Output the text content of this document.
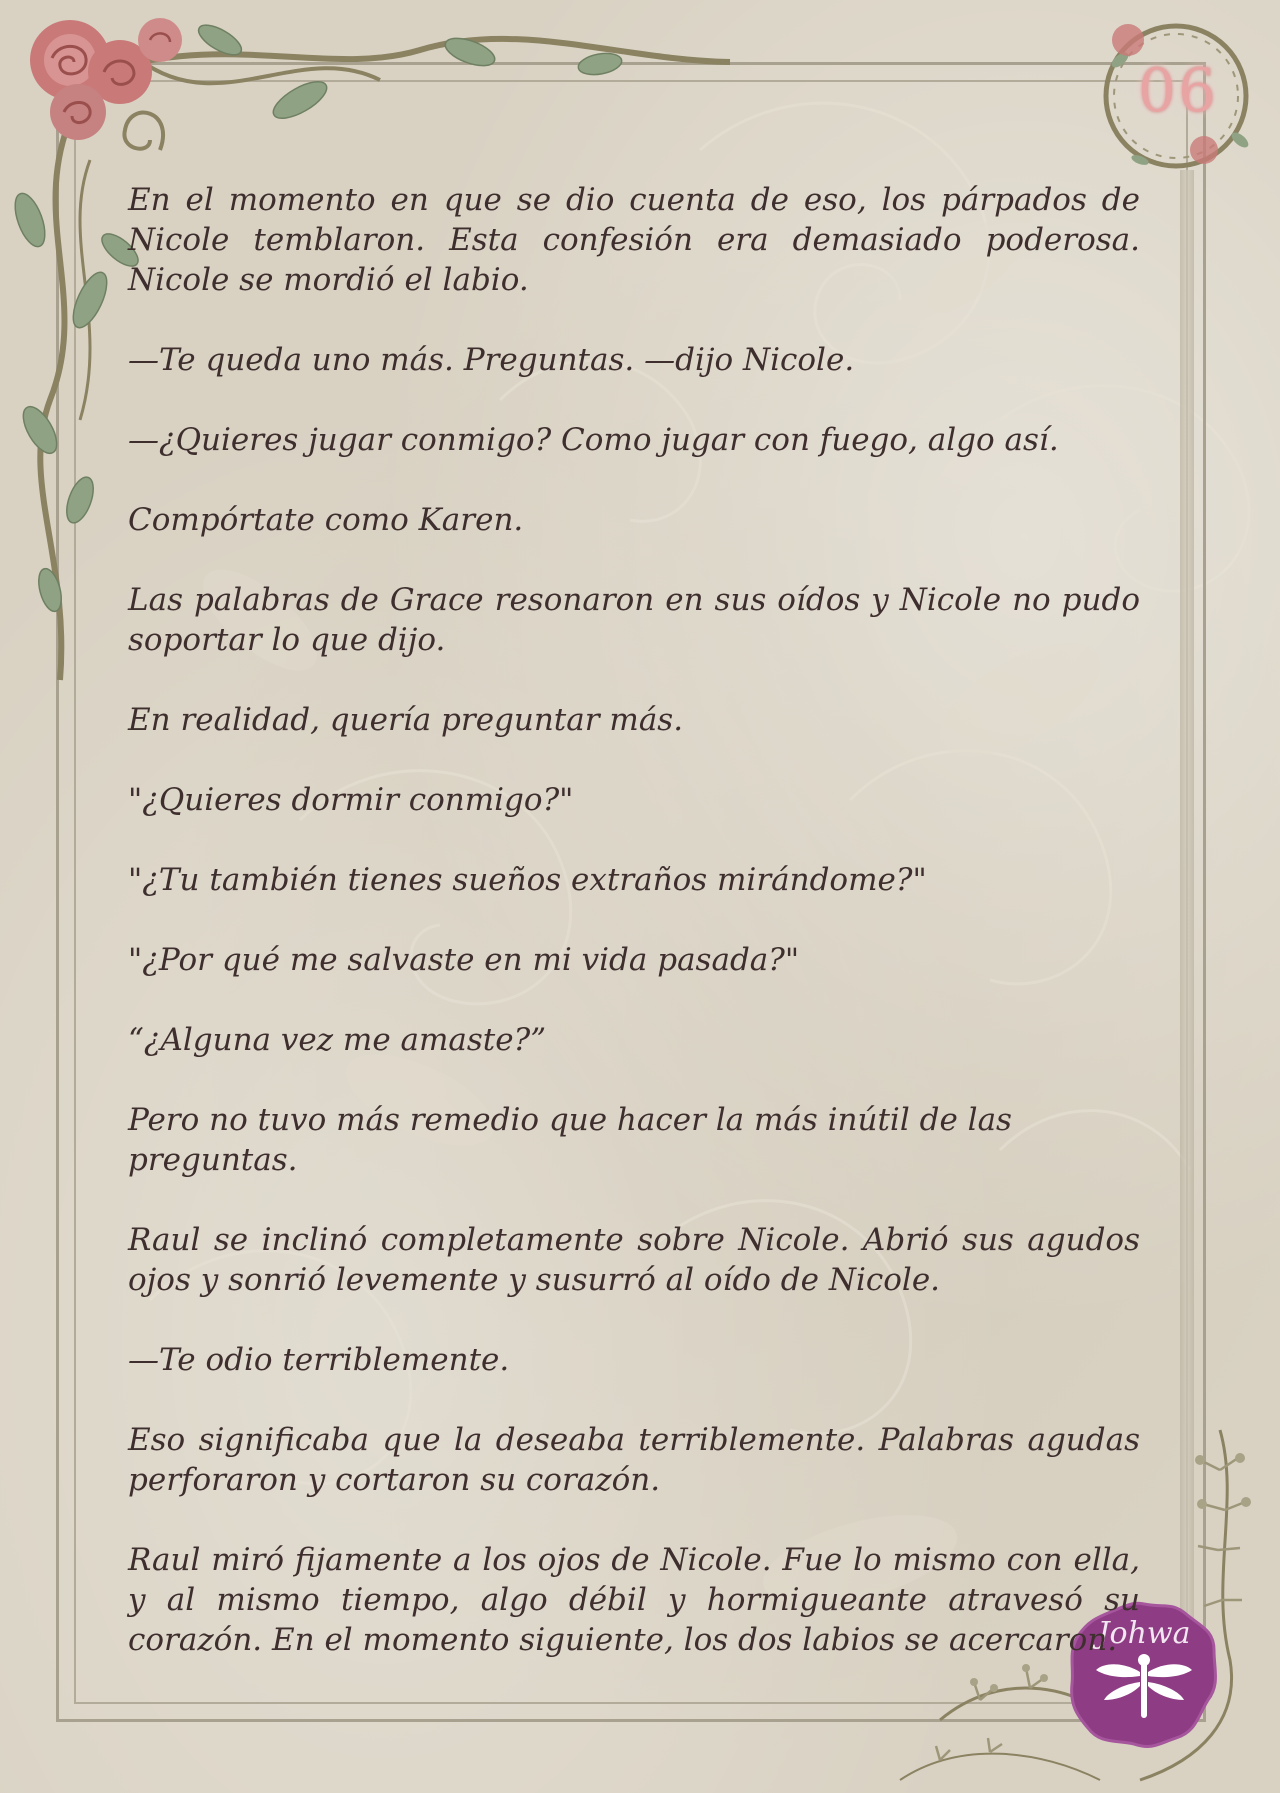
06
Johwa

En el momento en que se dio cuenta de eso, los párpados de Nicole temblaron. Esta confesión era demasiado poderosa. Nicole se mordió el labio.

—Te queda uno más. Preguntas. —dijo Nicole.

—¿Quieres jugar conmigo? Como jugar con fuego, algo así.

Compórtate como Karen.

Las palabras de Grace resonaron en sus oídos y Nicole no pudo soportar lo que dijo.

En realidad, quería preguntar más.

"¿Quieres dormir conmigo?"

"¿Tu también tienes sueños extraños mirándome?"

"¿Por qué me salvaste en mi vida pasada?"

“¿Alguna vez me amaste?”

Pero no tuvo más remedio que hacer la más inútil de las preguntas.

Raul se inclinó completamente sobre Nicole. Abrió sus agudos ojos y sonrió levemente y susurró al oído de Nicole.

—Te odio terriblemente.

Eso significaba que la deseaba terriblemente. Palabras agudas perforaron y cortaron su corazón.

Raul miró fijamente a los ojos de Nicole. Fue lo mismo con ella, y al mismo tiempo, algo débil y hormigueante atravesó su corazón. En el momento siguiente, los dos labios se acercaron.
